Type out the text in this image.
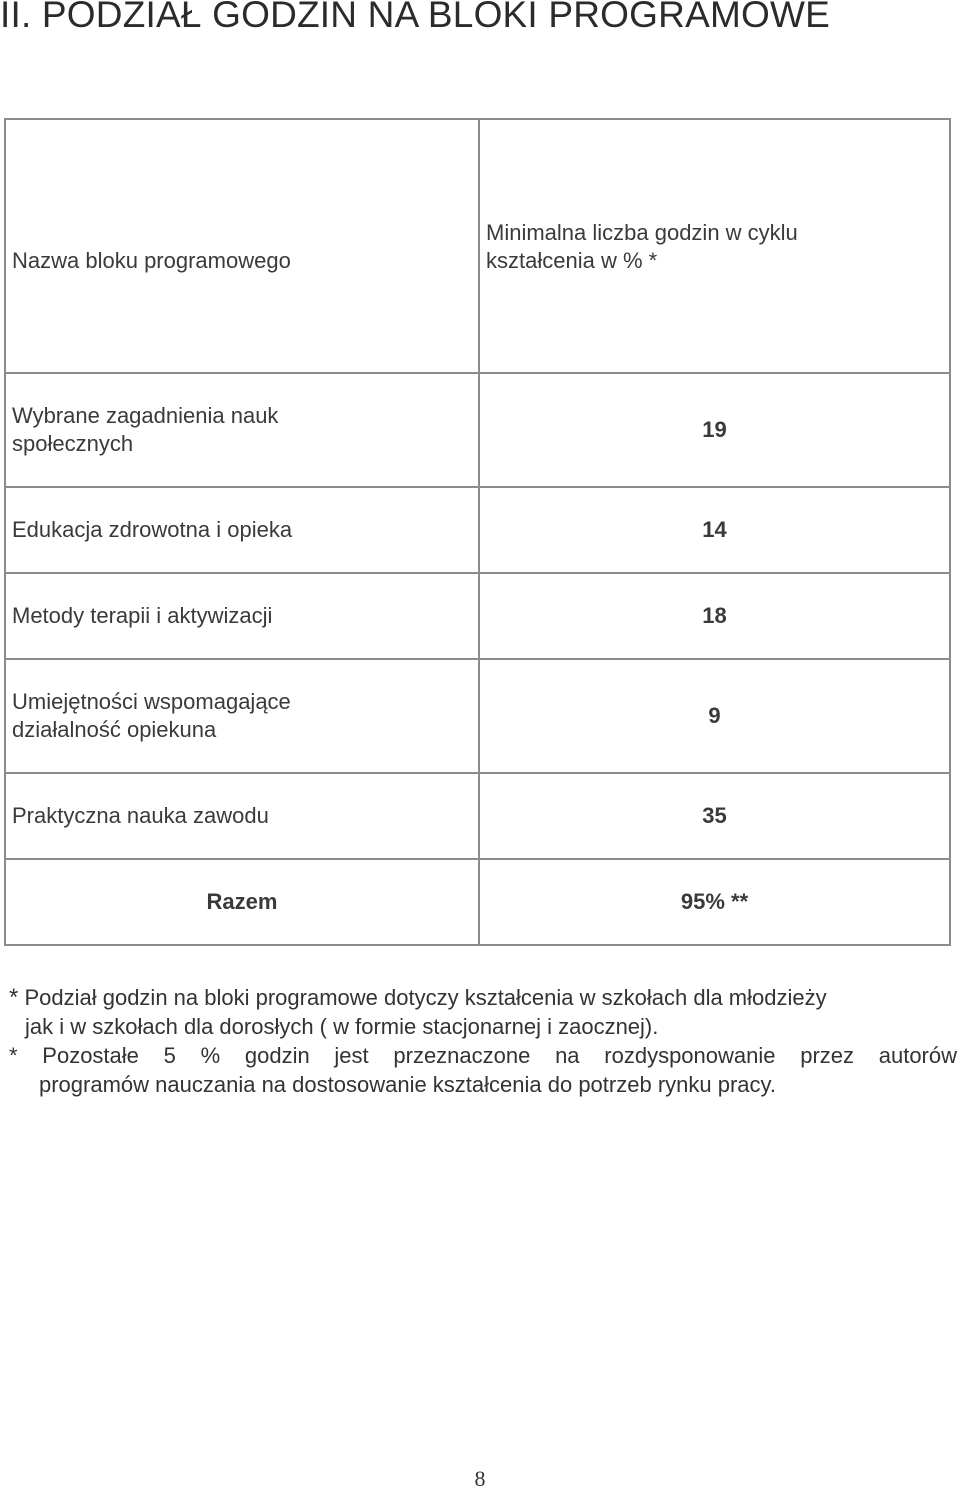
II. PODZIAŁ GODZIN NA BLOKI PROGRAMOWE
Nazwa bloku programowego	Minimalna liczba godzin w cyklu
kształcenia w % *
Wybrane zagadnienia nauk
społecznych	19
Edukacja zdrowotna i opieka	14
Metody terapii i aktywizacji	18
Umiejętności wspomagające
działalność opiekuna	9
Praktyczna nauka zawodu	35
Razem	95% **

* Podział godzin na bloki programowe dotyczy kształcenia w szkołach dla młodzieży
jak i w szkołach dla dorosłych ( w formie stacjonarnej i zaocznej).

* Pozostałe 5 % godzin jest przeznaczone na rozdysponowanie przez autorów

programów nauczania na dostosowanie kształcenia do potrzeb rynku pracy.

8
